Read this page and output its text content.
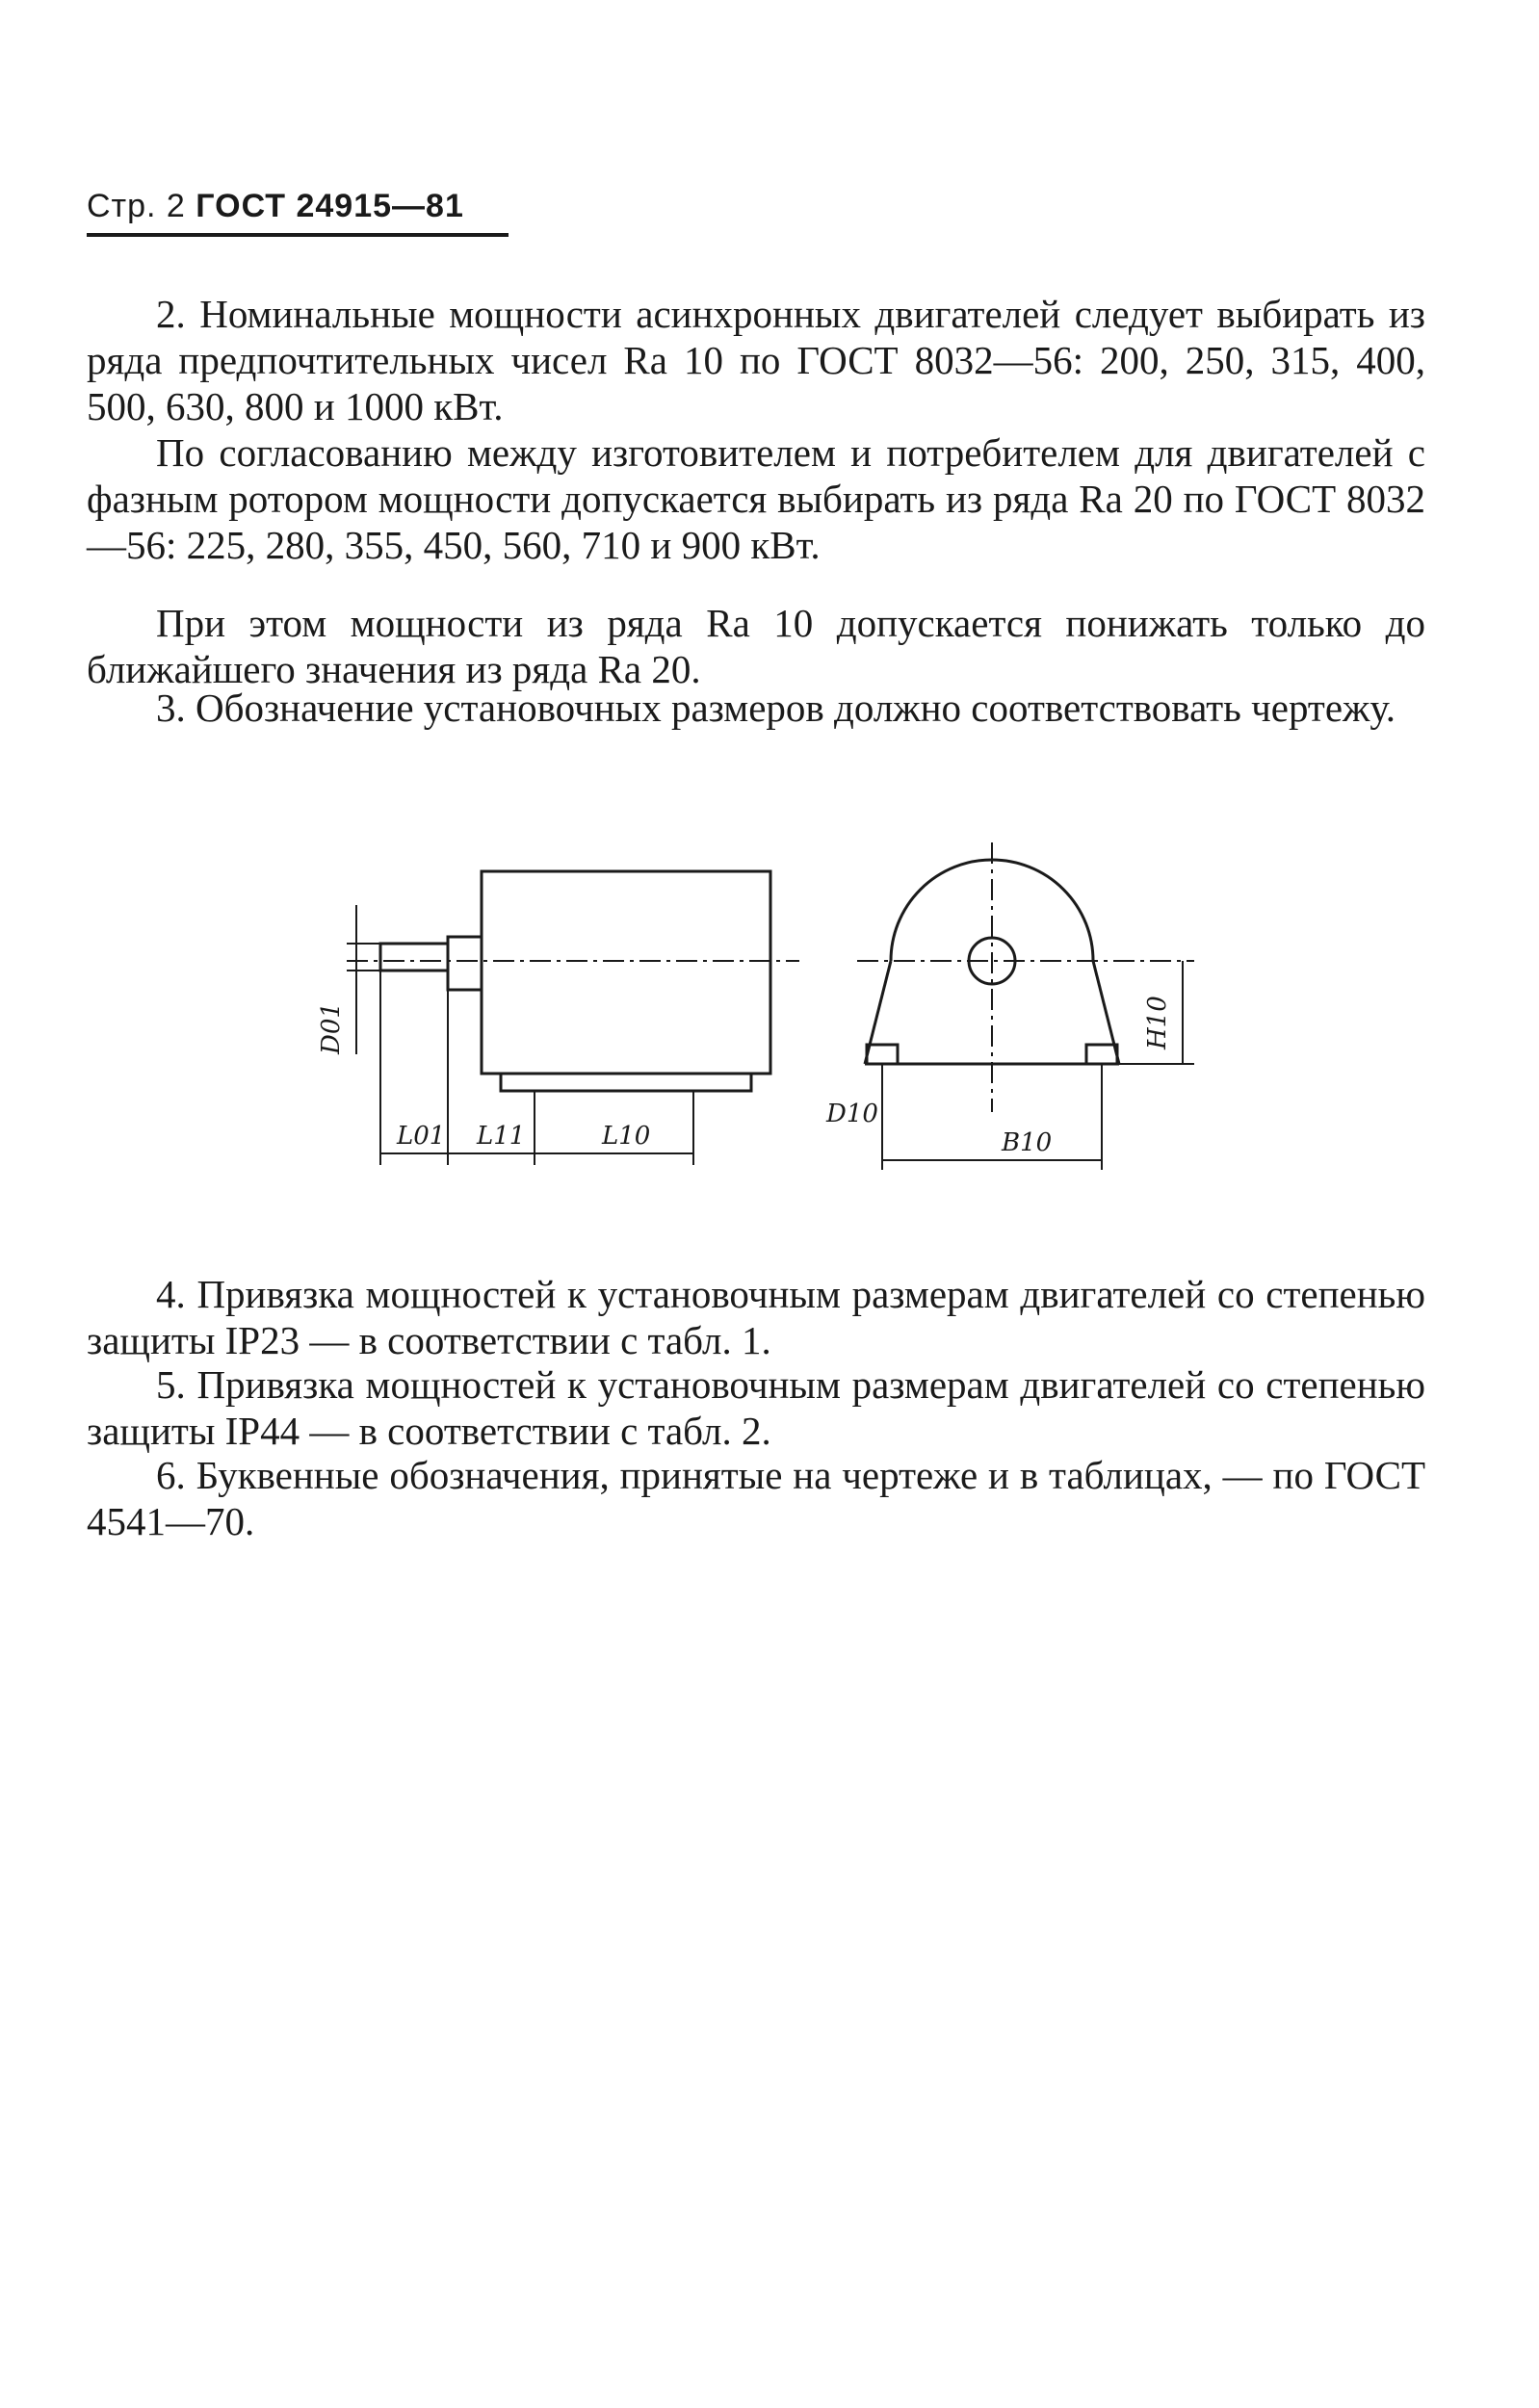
Стр. 2 ГОСТ 24915—81

2. Номинальные мощности асинхронных двигателей следует выбирать из ряда предпочтительных чисел Ra 10 по ГОСТ 8032—56: 200, 250, 315, 400, 500, 630, 800 и 1000 кВт.

По согласованию между изготовителем и потребителем для двигателей с фазным ротором мощности допускается выбирать из ряда Ra 20 по ГОСТ 8032—56: 225, 280, 355, 450, 560, 710 и 900 кВт.

При этом мощности из ряда Ra 10 допускается понижать только до ближайшего значения из ряда Ra 20.

3. Обозначение установочных размеров должно соответствовать чертежу.

D01
L01 L11	L10
H10
D10
B10

4. Привязка мощностей к установочным размерам двигателей со степенью защиты IP23 — в соответствии с табл. 1.

5. Привязка мощностей к установочным размерам двигателей со степенью защиты IP44 — в соответствии с табл. 2.

6. Буквенные обозначения, принятые на чертеже и в таблицах, — по ГОСТ 4541—70.
